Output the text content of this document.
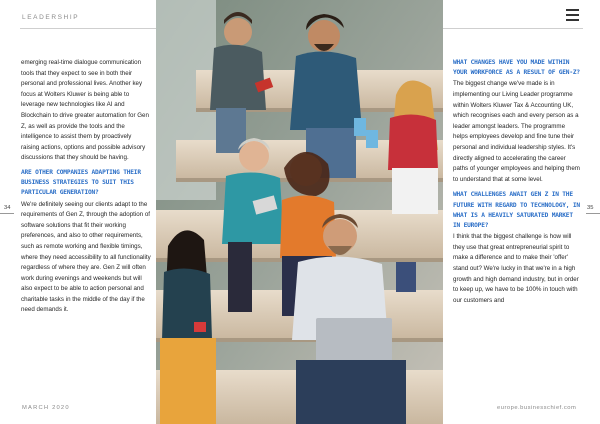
LEADERSHIP

emerging real-time dialogue communication tools that they expect to see in both their personal and professional lives. Another key focus at Wolters Kluwer is being able to leverage new technologies like AI and Blockchain to drive greater automation for Gen Z, as well as provide the tools and the intelligence to assist them by proactively raising actions, options and possible advisory discussions that they should be having.

ARE OTHER COMPANIES ADAPTING THEIR BUSINESS STRATEGIES TO SUIT THIS PARTICULAR GENERATION?

We're definitely seeing our clients adapt to the requirements of Gen Z, through the adoption of software solutions that fit their working preferences, and also to other requirements, such as remote working and flexible timings, where they need accessibility to all functionality regardless of where they are. Gen Z will often work during evenings and weekends but will also expect to be able to action personal and charitable tasks in the middle of the day if the need demands it.

34	35
WHAT CHANGES HAVE YOU MADE WITHIN YOUR WORKFORCE AS A RESULT OF GEN-Z?

The biggest change we've made is in implementing our Living Leader programme within Wolters Kluwer Tax & Accounting UK, which recognises each and every person as a leader amongst leaders. The programme helps employees develop and fine tune their personal and individual leadership styles. It's directly aligned to accelerating the career paths of younger employees and helping them to understand that at some level.

WHAT CHALLENGES AWAIT GEN Z IN THE FUTURE WITH REGARD TO TECHNOLOGY, IN WHAT IS A HEAVILY SATURATED MARKET IN EUROPE?

I think that the biggest challenge is how will they use that great entrepreneurial spirit to make a difference and to make their 'offer' stand out? We're lucky in that we're in a high growth and high demand industry, but in order to keep up, we have to be 100% in touch with our customers and

MARCH 2020	europe.businesschief.com
